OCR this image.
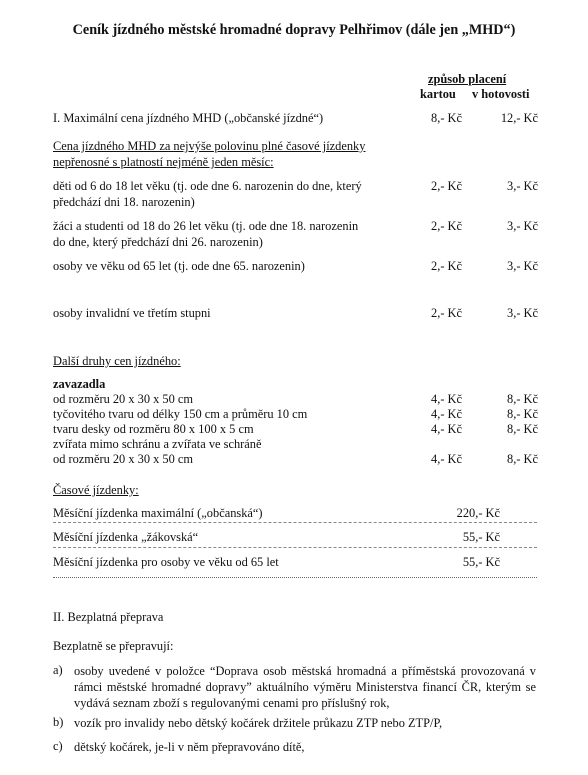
Ceník jízdného městské hromadné dopravy Pelhřimov (dále jen „MHD“)
způsob placení
kartou v hotovosti
I. Maximální cena jízdného MHD („občanské jízdné“)	8,- Kč	12,- Kč
Cena jízdného MHD za nejvýše polovinu plné časové jízdenky
nepřenosné s platností nejméně jeden měsíc:
děti od 6 do 18 let věku (tj. ode dne 6. narozenin do dne, který
předchází dni 18. narozenin)
2,- Kč	3,- Kč
žáci a studenti od 18 do 26 let věku (tj. ode dne 18. narozenin
do dne, který předchází dni 26. narozenin)
2,- Kč	3,- Kč
osoby ve věku od 65 let (tj. ode dne 65. narozenin)	2,- Kč	3,- Kč
osoby invalidní ve třetím stupni	2,- Kč	3,- Kč
Další druhy cen jízdného:
zavazadla
od rozměru 20 x 30 x 50 cm	4,- Kč	8,- Kč
tyčovitého tvaru od délky 150 cm a průměru 10 cm	4,- Kč	8,- Kč
tvaru desky od rozměru 80 x 100 x 5 cm	4,- Kč	8,- Kč
zvířata mimo schránu a zvířata ve schráně
od rozměru 20 x 30 x 50 cm	4,- Kč	8,- Kč
Časové jízdenky:
Měsíční jízdenka maximální („občanská“)	220,- Kč
Měsíční jízdenka „žákovská“	55,- Kč
Měsíční jízdenka pro osoby ve věku od 65 let	55,- Kč
II. Bezplatná přeprava
Bezplatně se přepravují:
a) osoby uvedené v položce “Doprava osob městská hromadná a příměstská provozovaná v rámci městské hromadné dopravy” aktuálního výměru Ministerstva financí ČR, kterým se vydává seznam zboží s regulovanými cenami pro příslušný rok,
b) vozík pro invalidy nebo dětský kočárek držitele průkazu ZTP nebo ZTP/P,
c) dětský kočárek, je-li v něm přepravováno dítě,
